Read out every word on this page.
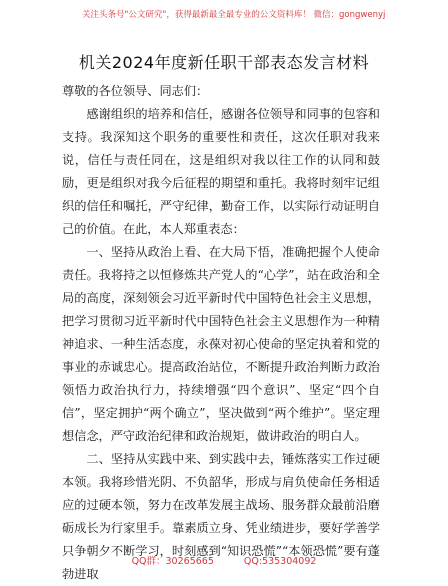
关注头条号"公文研究"，获得最新最全最专业的公文资料库！ 微信：gongwenyj
机关2024年度新任职干部表态发言材料

尊敬的各位领导、同志们：

感谢组织的培养和信任，感谢各位领导和同事的包容和支持。我深知这个职务的重要性和责任，这次任职对我来说，信任与责任同在，这是组织对我以往工作的认同和鼓励，更是组织对我今后征程的期望和重托。我将时刻牢记组织的信任和嘱托，严守纪律，勤奋工作，以实际行动证明自己的价值。在此，本人郑重表态：

一、坚持从政治上看、在大局下悟，准确把握个人使命责任。我将持之以恒修炼共产党人的“心学”，站在政治和全局的高度，深刻领会习近平新时代中国特色社会主义思想，把学习贯彻习近平新时代中国特色社会主义思想作为一种精神追求、一种生活态度，永葆对初心使命的坚定执着和党的事业的赤诚忠心。提高政治站位，不断提升政治判断力政治领悟力政治执行力，持续增强“四个意识”、坚定“四个自信”，坚定拥护“两个确立”，坚决做到“两个维护”。坚定理想信念，严守政治纪律和政治规矩，做讲政治的明白人。

二、坚持从实践中来、到实践中去，锤炼落实工作过硬本领。我将珍惜光阴、不负韶华，形成与肩负使命任务相适应的过硬本领，努力在改革发展主战场、服务群众最前沿磨砺成长为行家里手。靠素质立身、凭业绩进步，要好学善学只争朝夕不断学习，时刻感到“知识恐慌”“本领恐慌”要有蓬勃进取

QQ群：30265665	QQ:535304092
